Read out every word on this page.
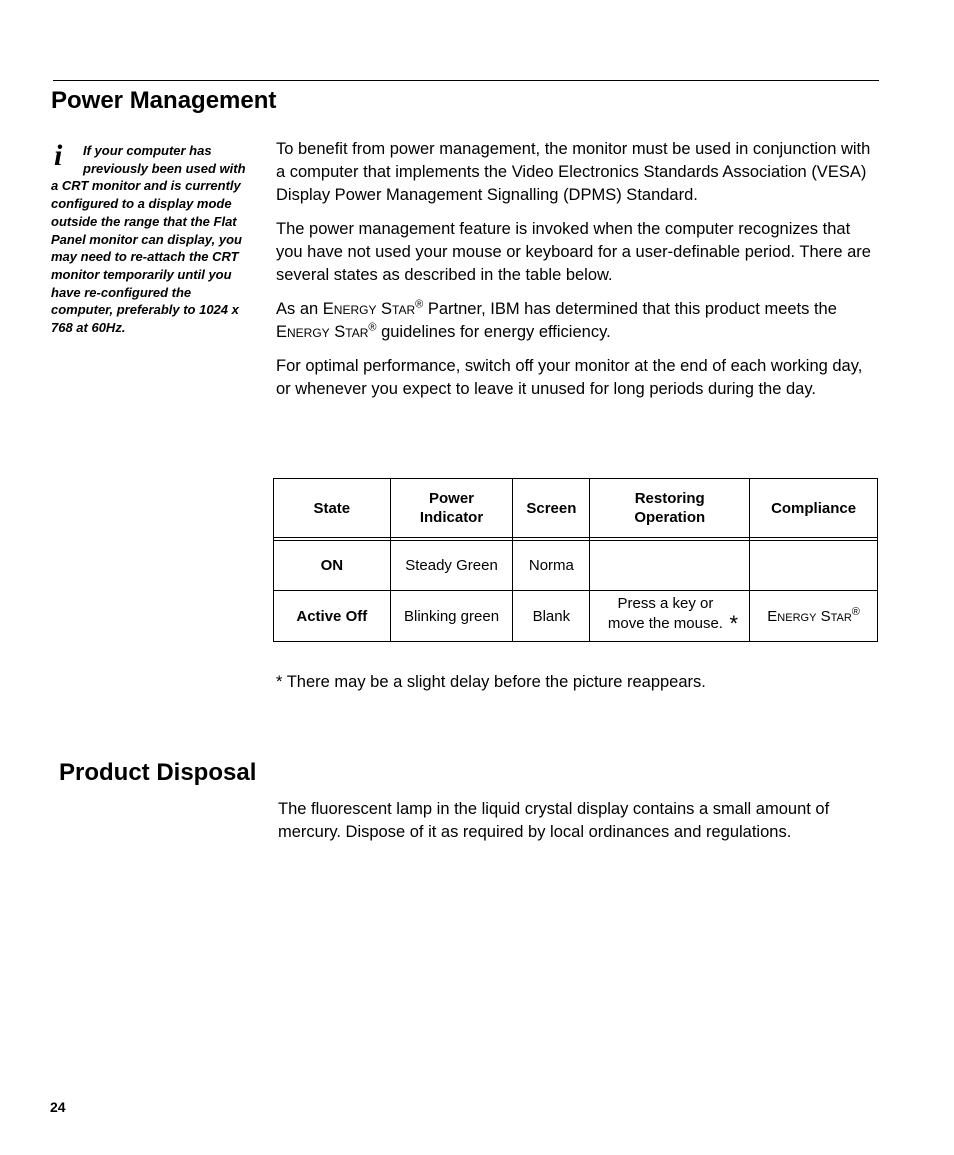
Power Management
i	If your computer has previously been used with a CRT monitor and is currently configured to a display mode outside the range that the Flat Panel monitor can display, you may need to re-attach the CRT monitor temporarily until you have re-configured the computer, preferably to 1024 x 768 at 60Hz.

To benefit from power management, the monitor must be used in conjunction with a computer that implements the Video Electronics Standards Association (VESA) Display Power Management Signalling (DPMS) Standard.

The power management feature is invoked when the computer recognizes that you have not used your mouse or keyboard for a user-definable period. There are several states as described in the table below.

As an Energy Star® Partner, IBM has determined that this product meets the Energy Star® guidelines for energy efficiency.

For optimal performance, switch off your monitor at the end of each working day, or whenever you expect to leave it unused for long periods during the day.

State	Power Indicator	Screen	Restoring Operation	Compliance

ON	Steady Green	Norma		
Active Off	Blinking green	Blank	Press a key or move the mouse. *	Energy Star®

* There may be a slight delay before the picture reappears.

Product Disposal

The fluorescent lamp in the liquid crystal display contains a small amount of mercury. Dispose of it as required by local ordinances and regulations.

24
